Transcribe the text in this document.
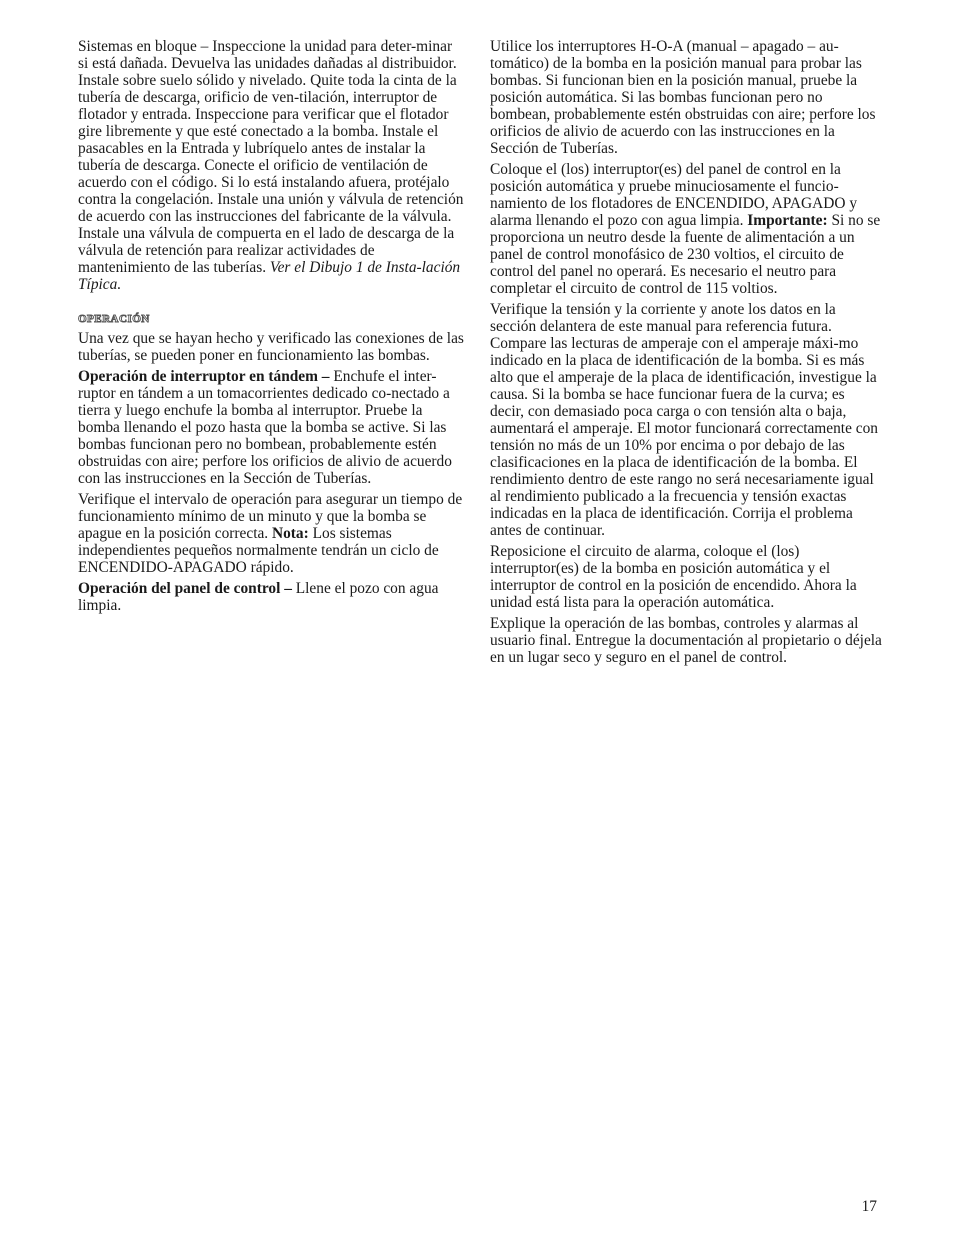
Sistemas en bloque – Inspeccione la unidad para deter-minar si está dañada. Devuelva las unidades dañadas al distribuidor. Instale sobre suelo sólido y nivelado. Quite toda la cinta de la tubería de descarga, orificio de ven-tilación, interruptor de flotador y entrada. Inspeccione para verificar que el flotador gire libremente y que esté conectado a la bomba. Instale el pasacables en la Entrada y lubríquelo antes de instalar la tubería de descarga. Conecte el orificio de ventilación de acuerdo con el código. Si lo está instalando afuera, protéjalo contra la congelación. Instale una unión y válvula de retención de acuerdo con las instrucciones del fabricante de la válvula. Instale una válvula de compuerta en el lado de descarga de la válvula de retención para realizar actividades de mantenimiento de las tuberías. Ver el Dibujo 1 de Insta-lación Típica.

operación

Una vez que se hayan hecho y verificado las conexiones de las tuberías, se pueden poner en funcionamiento las bombas.

Operación de interruptor en tándem – Enchufe el inter-ruptor en tándem a un tomacorrientes dedicado co-nectado a tierra y luego enchufe la bomba al interruptor. Pruebe la bomba llenando el pozo hasta que la bomba se active. Si las bombas funcionan pero no bombean, probablemente estén obstruidas con aire; perfore los orificios de alivio de acuerdo con las instrucciones en la Sección de Tuberías.

Verifique el intervalo de operación para asegurar un tiempo de funcionamiento mínimo de un minuto y que la bomba se apague en la posición correcta. Nota: Los sistemas independientes pequeños normalmente tendrán un ciclo de ENCENDIDO-APAGADO rápido.

Operación del panel de control – Llene el pozo con agua limpia.

Utilice los interruptores H-O-A (manual – apagado – au-tomático) de la bomba en la posición manual para probar las bombas. Si funcionan bien en la posición manual, pruebe la posición automática. Si las bombas funcionan pero no bombean, probablemente estén obstruidas con aire; perfore los orificios de alivio de acuerdo con las instrucciones en la Sección de Tuberías.

Coloque el (los) interruptor(es) del panel de control en la posición automática y pruebe minuciosamente el funcio-namiento de los flotadores de ENCENDIDO, APAGADO y alarma llenando el pozo con agua limpia. Importante: Si no se proporciona un neutro desde la fuente de alimentación a un panel de control monofásico de 230 voltios, el circuito de control del panel no operará. Es necesario el neutro para completar el circuito de control de 115 voltios.

Verifique la tensión y la corriente y anote los datos en la sección delantera de este manual para referencia futura. Compare las lecturas de amperaje con el amperaje máxi-mo indicado en la placa de identificación de la bomba. Si es más alto que el amperaje de la placa de identificación, investigue la causa. Si la bomba se hace funcionar fuera de la curva; es decir, con demasiado poca carga o con tensión alta o baja, aumentará el amperaje. El motor funcionará correctamente con tensión no más de un 10% por encima o por debajo de las clasificaciones en la placa de identificación de la bomba. El rendimiento dentro de este rango no será necesariamente igual al rendimiento publicado a la frecuencia y tensión exactas indicadas en la placa de identificación. Corrija el problema antes de continuar.

Reposicione el circuito de alarma, coloque el (los) interruptor(es) de la bomba en posición automática y el interruptor de control en la posición de encendido. Ahora la unidad está lista para la operación automática.

Explique la operación de las bombas, controles y alarmas al usuario final. Entregue la documentación al propietario o déjela en un lugar seco y seguro en el panel de control.

17
